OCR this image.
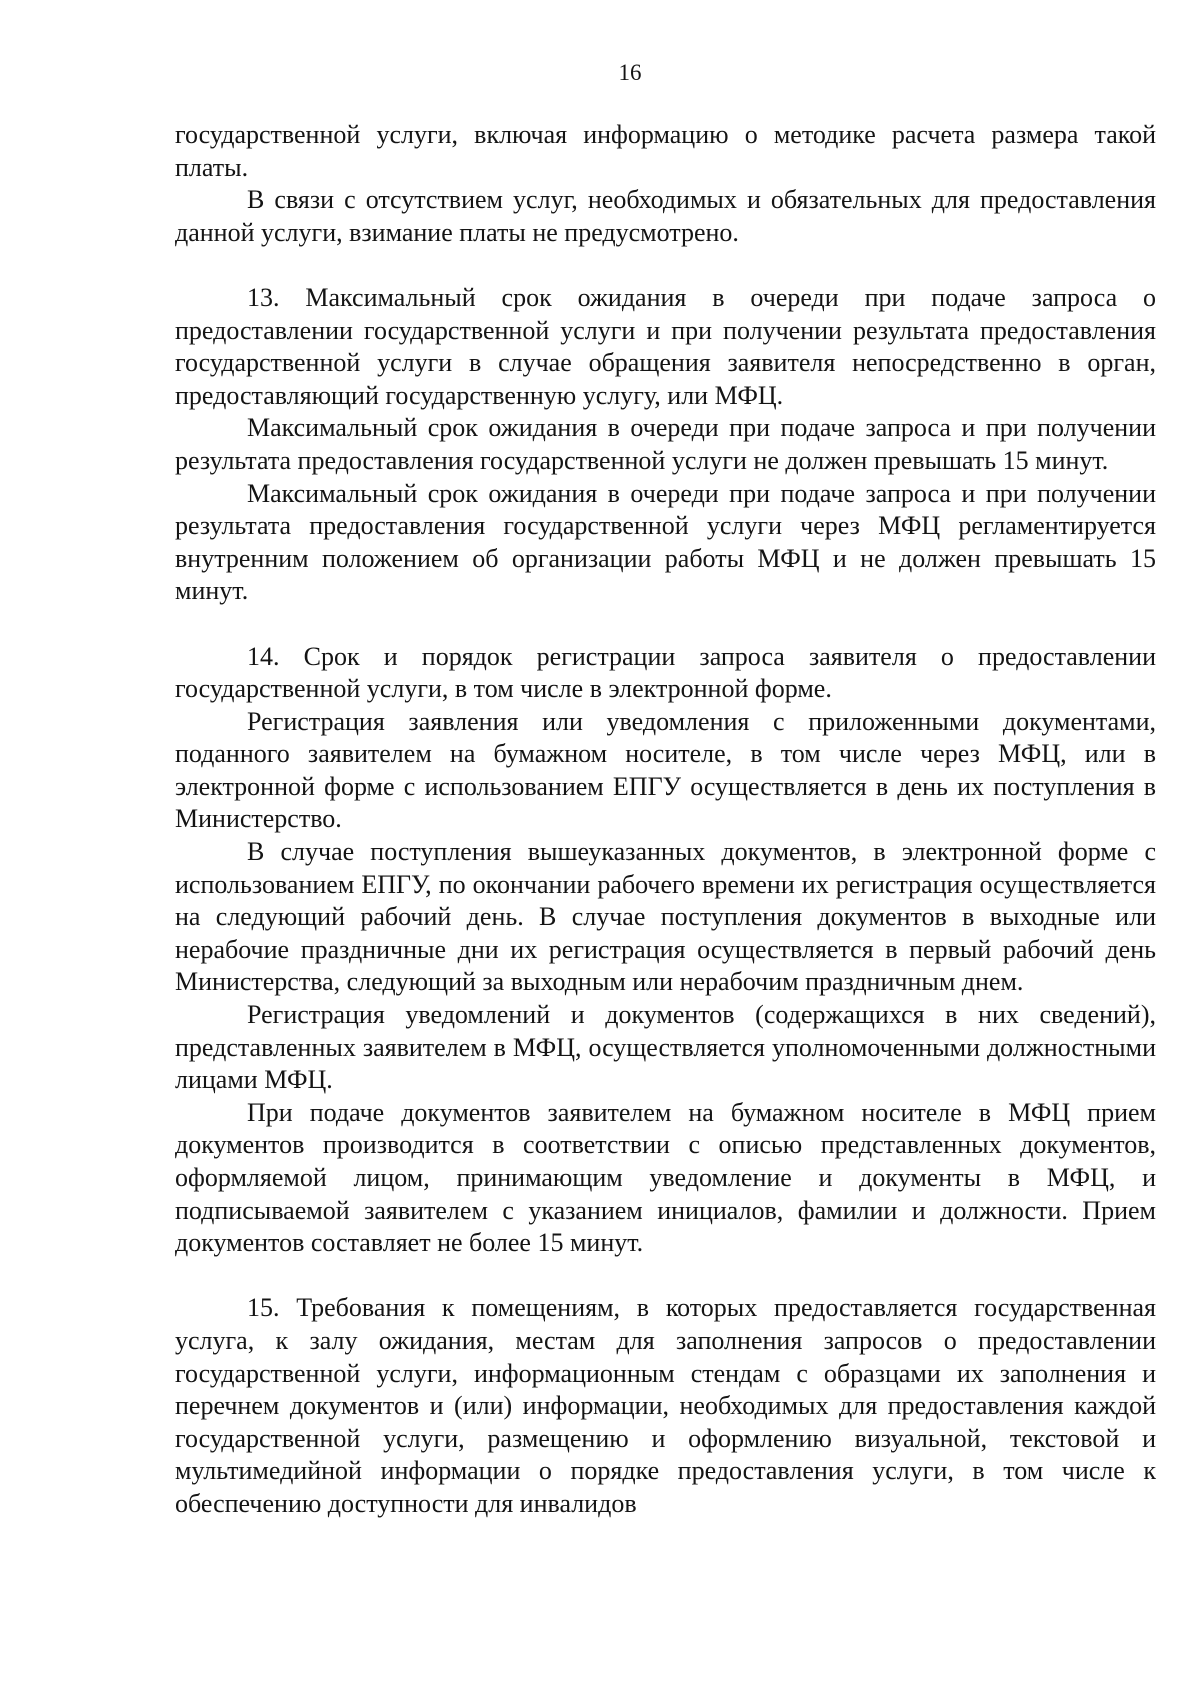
16

государственной услуги, включая информацию о методике расчета размера такой платы.

В связи с отсутствием услуг, необходимых и обязательных для предоставления данной услуги, взимание платы не предусмотрено.

13. Максимальный срок ожидания в очереди при подаче запроса о предоставлении государственной услуги и при получении результата предоставления государственной услуги в случае обращения заявителя непосредственно в орган, предоставляющий государственную услугу, или МФЦ.

Максимальный срок ожидания в очереди при подаче запроса и при получении результата предоставления государственной услуги не должен превышать 15 минут.

Максимальный срок ожидания в очереди при подаче запроса и при получении результата предоставления государственной услуги через МФЦ регламентируется внутренним положением об организации работы МФЦ и не должен превышать 15 минут.

14. Срок и порядок регистрации запроса заявителя о предоставлении государственной услуги, в том числе в электронной форме.

Регистрация заявления или уведомления с приложенными документами, поданного заявителем на бумажном носителе, в том числе через МФЦ, или в электронной форме с использованием ЕПГУ осуществляется в день их поступления в Министерство.

В случае поступления вышеуказанных документов, в электронной форме с использованием ЕПГУ, по окончании рабочего времени их регистрация осуществляется на следующий рабочий день. В случае поступления документов в выходные или нерабочие праздничные дни их регистрация осуществляется в первый рабочий день Министерства, следующий за выходным или нерабочим праздничным днем.

Регистрация уведомлений и документов (содержащихся в них сведений), представленных заявителем в МФЦ, осуществляется уполномоченными должностными лицами МФЦ.

При подаче документов заявителем на бумажном носителе в МФЦ прием документов производится в соответствии с описью представленных документов, оформляемой лицом, принимающим уведомление и документы в МФЦ, и подписываемой заявителем с указанием инициалов, фамилии и должности. Прием документов составляет не более 15 минут.

15. Требования к помещениям, в которых предоставляется государственная услуга, к залу ожидания, местам для заполнения запросов о предоставлении государственной услуги, информационным стендам с образцами их заполнения и перечнем документов и (или) информации, необходимых для предоставления каждой государственной услуги, размещению и оформлению визуальной, текстовой и мультимедийной информации о порядке предоставления услуги, в том числе к обеспечению доступности для инвалидов
